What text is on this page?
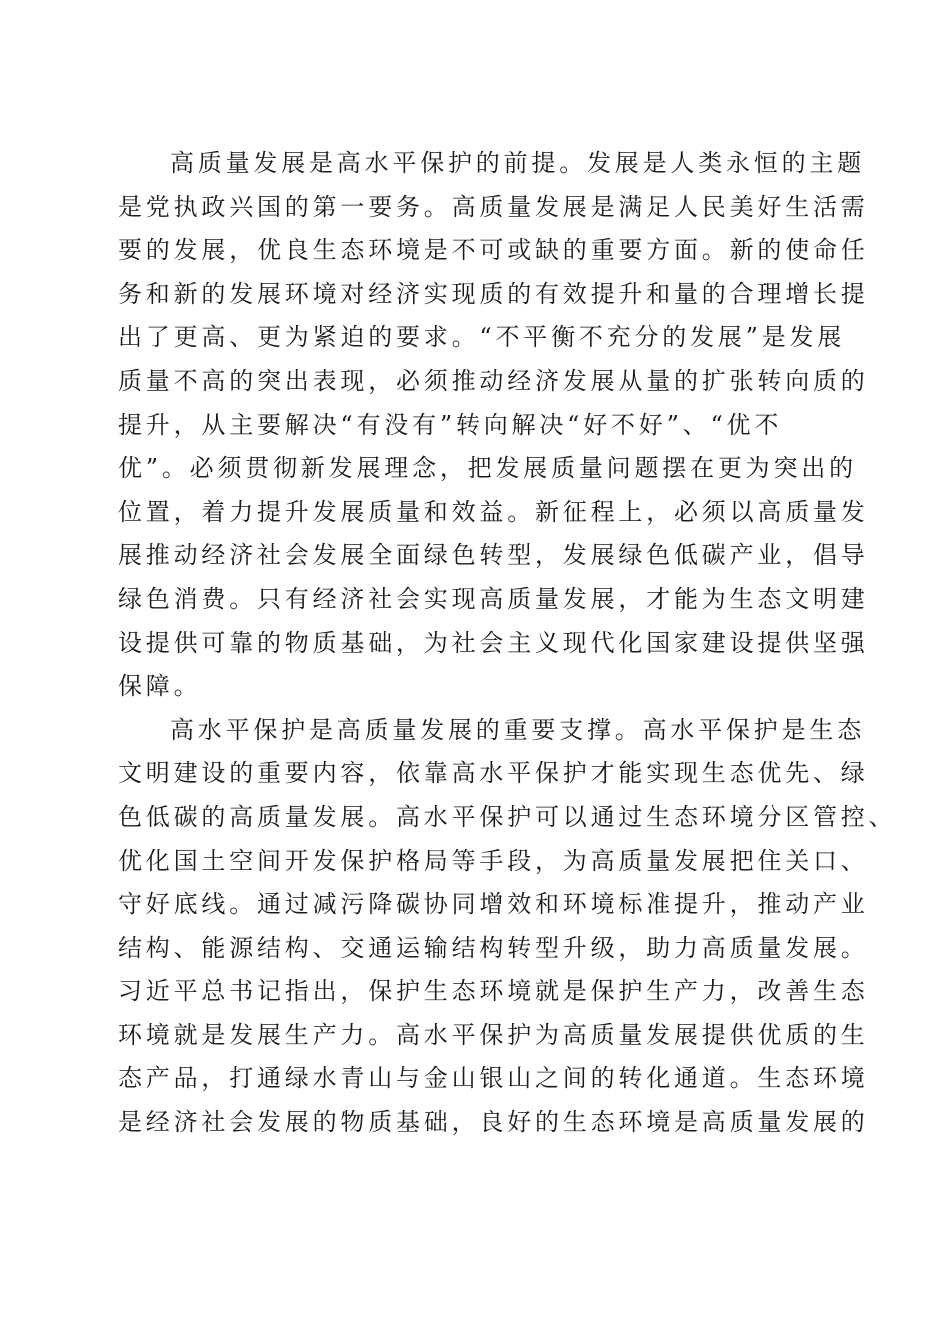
高质量发展是高水平保护的前提。发展是人类永恒的主题
是党执政兴国的第一要务。高质量发展是满足人民美好生活需
要的发展，优良生态环境是不可或缺的重要方面。新的使命任
务和新的发展环境对经济实现质的有效提升和量的合理增长提
出了更高、更为紧迫的要求。“不平衡不充分的发展”是发展
质量不高的突出表现，必须推动经济发展从量的扩张转向质的
提升，从主要解决“有没有”转向解决“好不好”、“优不
优”。必须贯彻新发展理念，把发展质量问题摆在更为突出的
位置，着力提升发展质量和效益。新征程上，必须以高质量发
展推动经济社会发展全面绿色转型，发展绿色低碳产业，倡导
绿色消费。只有经济社会实现高质量发展，才能为生态文明建
设提供可靠的物质基础，为社会主义现代化国家建设提供坚强
保障。
高水平保护是高质量发展的重要支撑。高水平保护是生态
文明建设的重要内容，依靠高水平保护才能实现生态优先、绿
色低碳的高质量发展。高水平保护可以通过生态环境分区管控、
优化国土空间开发保护格局等手段，为高质量发展把住关口、
守好底线。通过减污降碳协同增效和环境标准提升，推动产业
结构、能源结构、交通运输结构转型升级，助力高质量发展。
习近平总书记指出，保护生态环境就是保护生产力，改善生态
环境就是发展生产力。高水平保护为高质量发展提供优质的生
态产品，打通绿水青山与金山银山之间的转化通道。生态环境
是经济社会发展的物质基础，良好的生态环境是高质量发展的
